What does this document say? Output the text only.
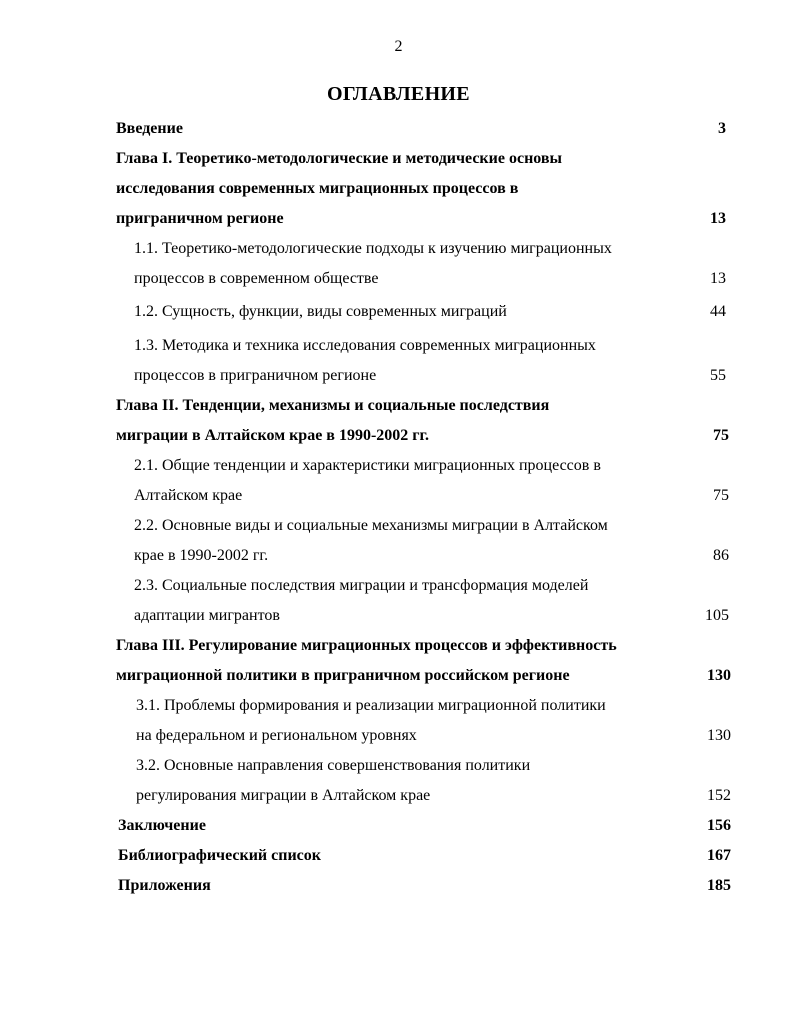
2
ОГЛАВЛЕНИЕ
Введение	3
Глава I. Теоретико-методологические и методические основы
исследования современных миграционных процессов в
приграничном регионе	13
1.1. Теоретико-методологические подходы к изучению миграционных
процессов в современном обществе	13
1.2. Сущность, функции, виды современных миграций	44
1.3. Методика и техника исследования современных миграционных
процессов в приграничном регионе	55
Глава II. Тенденции, механизмы и социальные последствия
миграции в Алтайском крае в 1990-2002 гг.	75
2.1. Общие тенденции и характеристики миграционных процессов в
Алтайском крае	75
2.2. Основные виды и социальные механизмы миграции в Алтайском
крае в 1990-2002 гг.	86
2.3. Социальные последствия миграции и трансформация моделей
адаптации мигрантов	105
Глава III. Регулирование миграционных процессов и эффективность
миграционной политики в приграничном российском регионе	130
3.1. Проблемы формирования и реализации миграционной политики
на федеральном и региональном уровнях	130
3.2. Основные направления совершенствования политики
регулирования миграции в Алтайском крае	152
Заключение	156
Библиографический список	167
Приложения	185
